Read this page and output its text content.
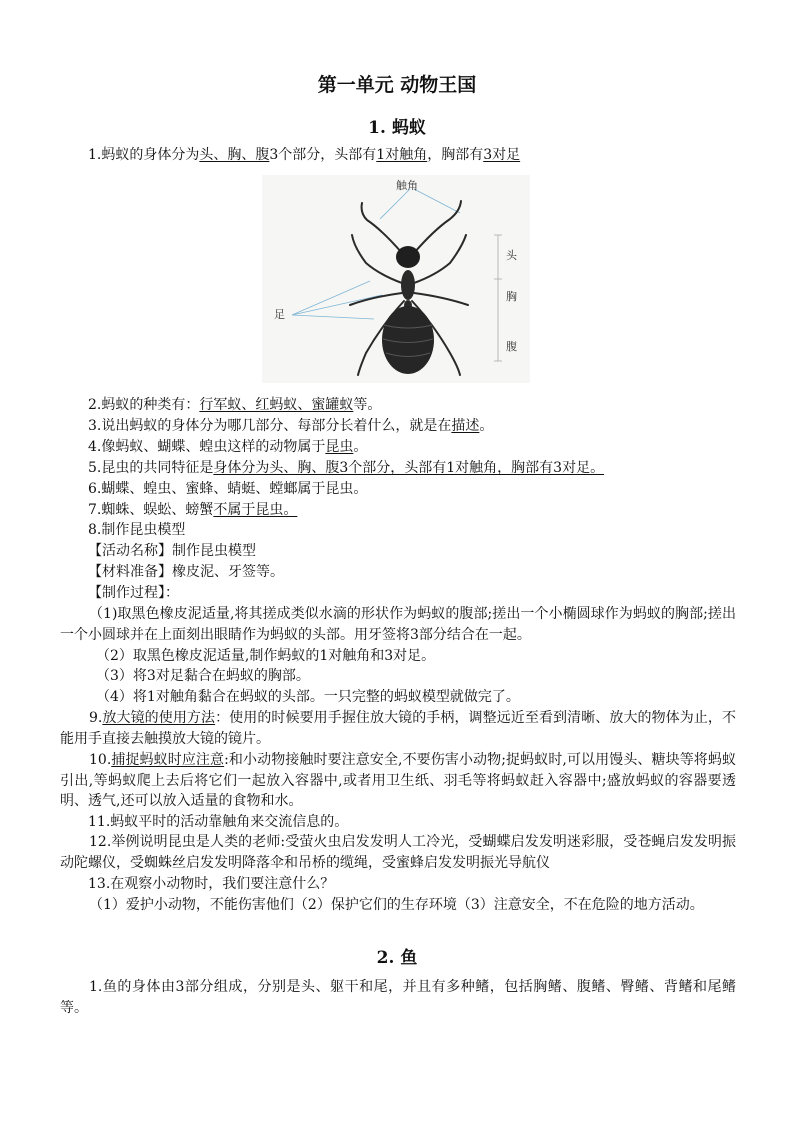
第一单元 动物王国
1. 蚂蚁
1.蚂蚁的身体分为头、胸、腹3个部分，头部有1对触角，胸部有3对足
触角
头
胸
腹
足
2.蚂蚁的种类有：行军蚁、红蚂蚁、蜜罐蚁等。
3.说出蚂蚁的身体分为哪几部分、每部分长着什么，就是在描述。
4.像蚂蚁、蝴蝶、蝗虫这样的动物属于昆虫。
5.昆虫的共同特征是身体分为头、胸、腹3个部分，头部有1对触角，胸部有3对足。
6.蝴蝶、蝗虫、蜜蜂、蜻蜓、螳螂属于昆虫。
7.蜘蛛、蜈蚣、螃蟹不属于昆虫。
8.制作昆虫模型
【活动名称】制作昆虫模型
【材料准备】橡皮泥、牙签等。
【制作过程】：
（1)取黑色橡皮泥适量,将其搓成类似水滴的形状作为蚂蚁的腹部;搓出一个小椭圆球作为蚂蚁的胸部;搓出一个小圆球并在上面刻出眼睛作为蚂蚁的头部。用牙签将3部分结合在一起。
（2）取黑色橡皮泥适量,制作蚂蚁的1对触角和3对足。
（3）将3对足黏合在蚂蚁的胸部。
（4）将1对触角黏合在蚂蚁的头部。一只完整的蚂蚁模型就做完了。
9.放大镜的使用方法：使用的时候要用手握住放大镜的手柄，调整远近至看到清晰、放大的物体为止，不能用手直接去触摸放大镜的镜片。
10.捕捉蚂蚁时应注意:和小动物接触时要注意安全,不要伤害小动物;捉蚂蚁时,可以用馒头、糖块等将蚂蚁引出,等蚂蚁爬上去后将它们一起放入容器中,或者用卫生纸、羽毛等将蚂蚁赶入容器中;盛放蚂蚁的容器要透明、透气,还可以放入适量的食物和水。
11.蚂蚁平时的活动靠触角来交流信息的。
12.举例说明昆虫是人类的老师:受萤火虫启发发明人工冷光，受蝴蝶启发发明迷彩服，受苍蝇启发发明振动陀螺仪，受蜘蛛丝启发发明降落伞和吊桥的缆绳，受蜜蜂启发发明振光导航仪
13.在观察小动物时，我们要注意什么？
（1）爱护小动物，不能伤害他们（2）保护它们的生存环境（3）注意安全，不在危险的地方活动。
2. 鱼
1.鱼的身体由3部分组成，分别是头、躯干和尾，并且有多种鳍，包括胸鳍、腹鳍、臀鳍、背鳍和尾鳍等。
